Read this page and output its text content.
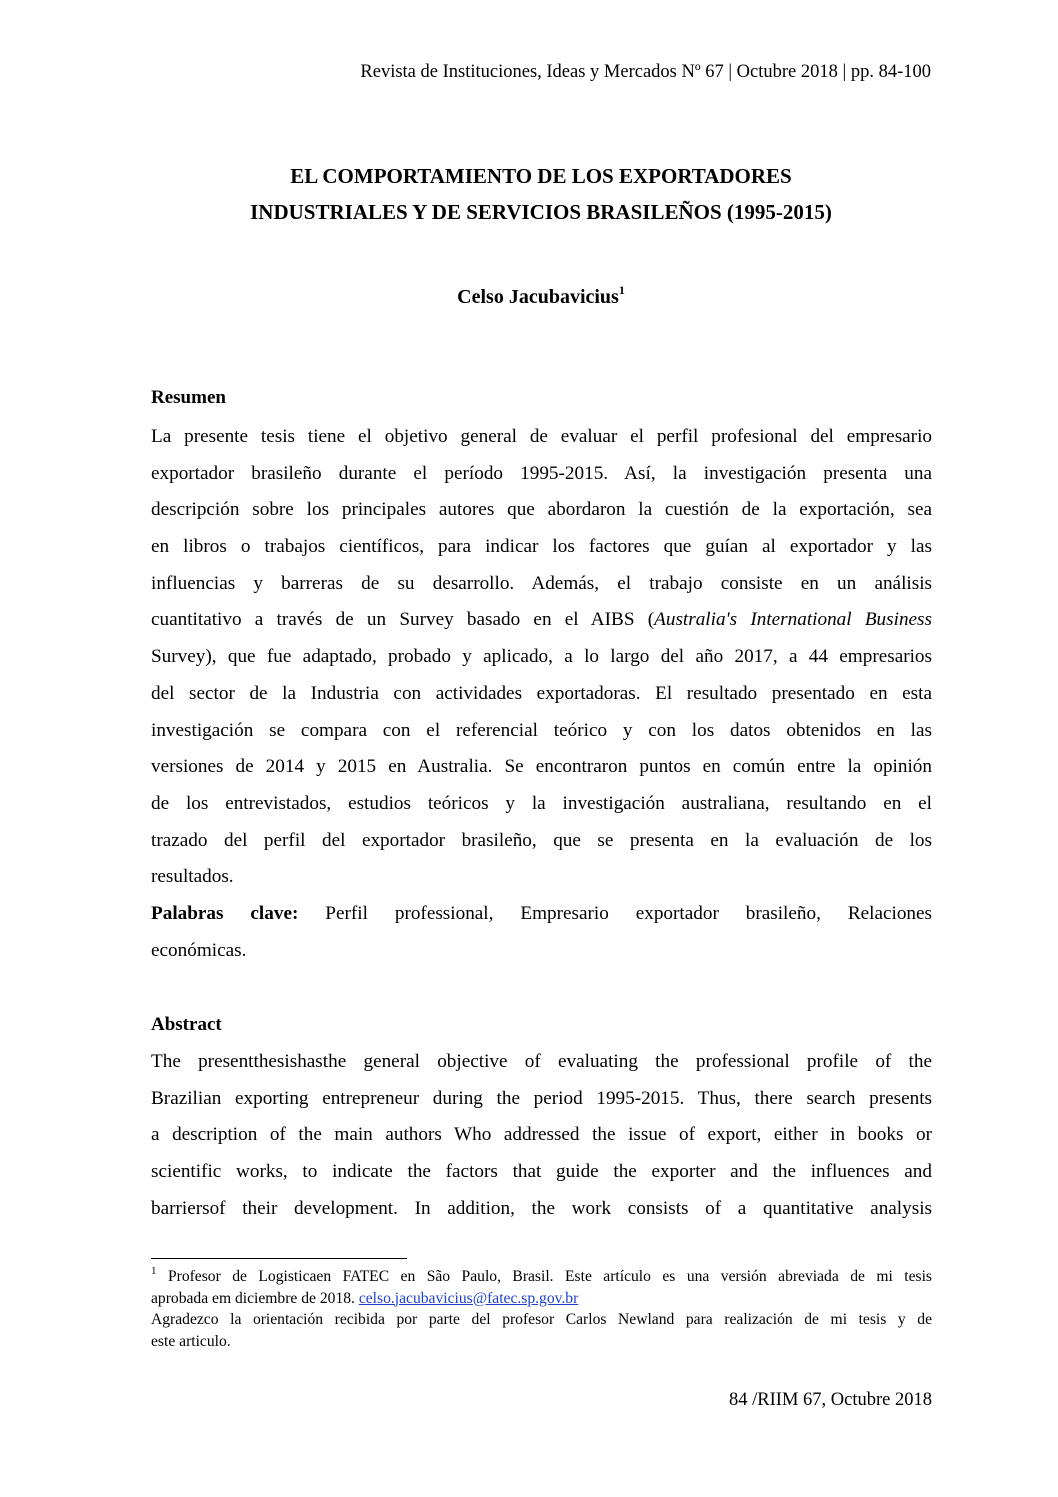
Revista de Instituciones, Ideas y Mercados Nº 67 | Octubre 2018 | pp. 84-100
EL COMPORTAMIENTO DE LOS EXPORTADORES
INDUSTRIALES Y DE SERVICIOS BRASILEÑOS (1995-2015)
Celso Jacubavicius$^1$
Resumen
La presente tesis tiene el objetivo general de evaluar el perfil profesional del empresario
exportador brasileño durante el período 1995-2015. Así, la investigación presenta una
descripción sobre los principales autores que abordaron la cuestión de la exportación, sea
en libros o trabajos científicos, para indicar los factores que guían al exportador y las
influencias y barreras de su desarrollo. Además, el trabajo consiste en un análisis
cuantitativo a través de un Survey basado en el AIBS (Australia's International Business
Survey), que fue adaptado, probado y aplicado, a lo largo del año 2017, a 44 empresarios
del sector de la Industria con actividades exportadoras. El resultado presentado en esta
investigación se compara con el referencial teórico y con los datos obtenidos en las
versiones de 2014 y 2015 en Australia. Se encontraron puntos en común entre la opinión
de los entrevistados, estudios teóricos y la investigación australiana, resultando en el
trazado del perfil del exportador brasileño, que se presenta en la evaluación de los
resultados.
Palabras clave: Perfil professional, Empresario exportador brasileño, Relaciones
económicas.
Abstract
The presentthesishasthe general objective of evaluating the professional profile of the
Brazilian exporting entrepreneur during the period 1995-2015. Thus, there search presents
a description of the main authors Who addressed the issue of export, either in books or
scientific works, to indicate the factors that guide the exporter and the influences and
barriersof their development. In addition, the work consists of a quantitative analysis
$^1$ Profesor de Logisticaen FATEC en São Paulo, Brasil. Este artículo es una versión abreviada de mi tesis
aprobada em diciembre de 2018. celso.jacubavicius@fatec.sp.gov.br
Agradezco la orientación recibida por parte del profesor Carlos Newland para realización de mi tesis y de
este articulo.
84 /RIIM 67, Octubre 2018
